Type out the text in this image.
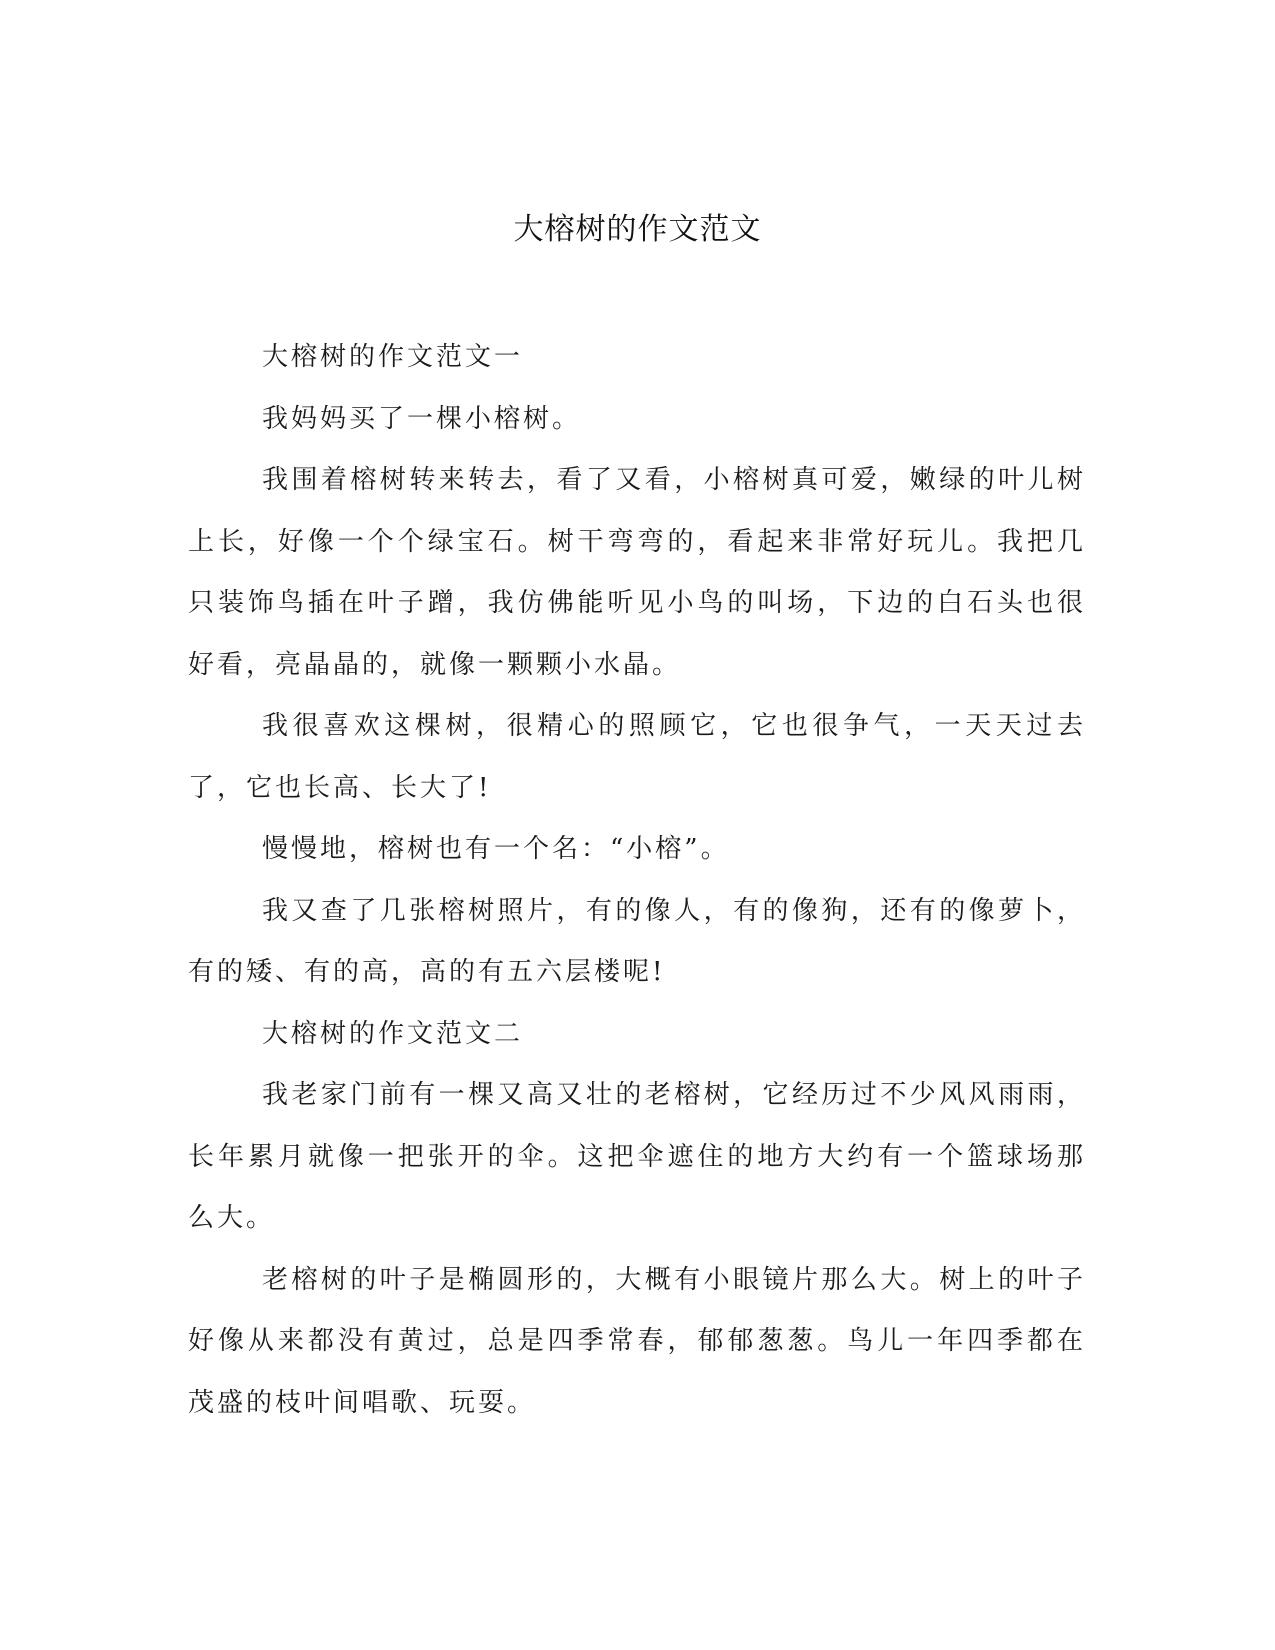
大榕树的作文范文

大榕树的作文范文一

我妈妈买了一棵小榕树。

我围着榕树转来转去，看了又看，小榕树真可爱，嫩绿的叶儿树上长，好像一个个绿宝石。树干弯弯的，看起来非常好玩儿。我把几只装饰鸟插在叶子蹭，我仿佛能听见小鸟的叫场，下边的白石头也很好看，亮晶晶的，就像一颗颗小水晶。

我很喜欢这棵树，很精心的照顾它，它也很争气，一天天过去了，它也长高、长大了!

慢慢地，榕树也有一个名：“小榕”。

我又查了几张榕树照片，有的像人，有的像狗，还有的像萝卜，有的矮、有的高，高的有五六层楼呢!

大榕树的作文范文二

我老家门前有一棵又高又壮的老榕树，它经历过不少风风雨雨，长年累月就像一把张开的伞。这把伞遮住的地方大约有一个篮球场那么大。

老榕树的叶子是椭圆形的，大概有小眼镜片那么大。树上的叶子好像从来都没有黄过，总是四季常春，郁郁葱葱。鸟儿一年四季都在茂盛的枝叶间唱歌、玩耍。
